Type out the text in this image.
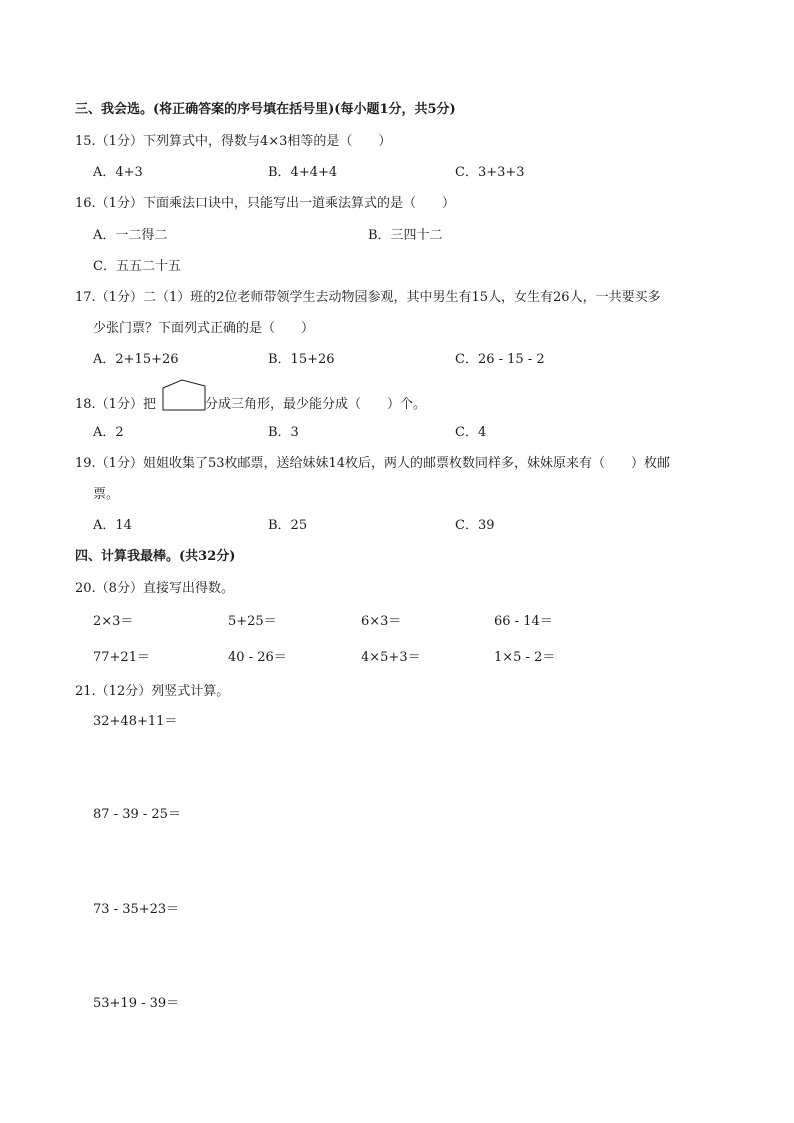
三、我会选。(将正确答案的序号填在括号里)(每小题1分，共5分)
15.（1分）下列算式中，得数与4×3相等的是（　　）
A．4+3	B．4+4+4	C．3+3+3
16.（1分）下面乘法口诀中，只能写出一道乘法算式的是（　　）
A．一二得二	B．三四十二
C．五五二十五
17.（1分）二（1）班的2位老师带领学生去动物园参观，其中男生有15人，女生有26人，一共要买多
少张门票？下面列式正确的是（　　）
A．2+15+26	B．15+26	C．26 - 15 - 2
18.（1分）把	分成三角形，最少能分成（　　）个。
A．2	B．3	C．4
19.（1分）姐姐收集了53枚邮票，送给妹妹14枚后，两人的邮票枚数同样多，妹妹原来有（　　）枚邮
票。
A．14	B．25	C．39
四、计算我最棒。(共32分)
20.（8分）直接写出得数。
2×3＝	5+25＝	6×3＝	66 - 14＝
77+21＝	40 - 26＝	4×5+3＝	1×5 - 2＝
21.（12分）列竖式计算。
32+48+11＝
87 - 39 - 25＝
73 - 35+23＝
53+19 - 39＝
